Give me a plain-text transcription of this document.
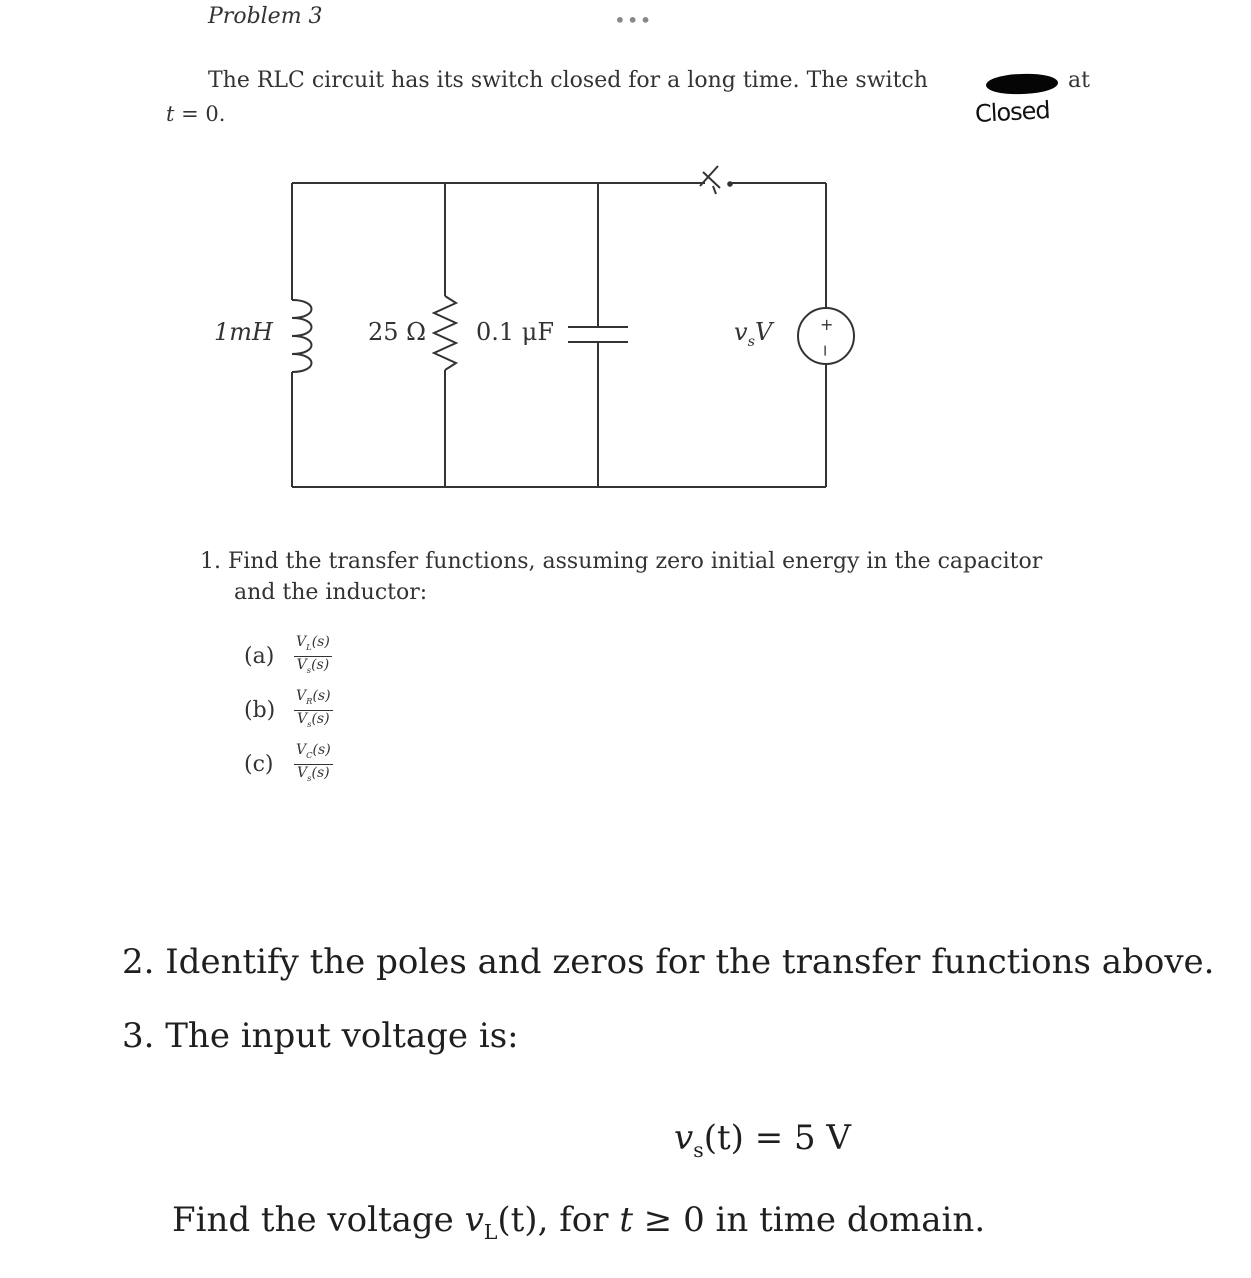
Problem 3	•••
The RLC circuit has its switch closed for a long time. The switch	at
t = 0.	Closed
+
−
1mH	25 Ω 0.1 μF	$v_sV$
1. Find the transfer functions, assuming zero initial energy in the capacitor
and the inductor:
$(a) \frac{V_L(s)}{V_s(s)}$
$(b) \frac{V_R(s)}{V_s(s)}$
$(c) \frac{V_C(s)}{V_s(s)}$
2. Identify the poles and zeros for the transfer functions above.
3. The input voltage is:
$v_s(t) = 5$ V
Find the voltage $v_L(t)$, for t ≥ 0 in time domain.
